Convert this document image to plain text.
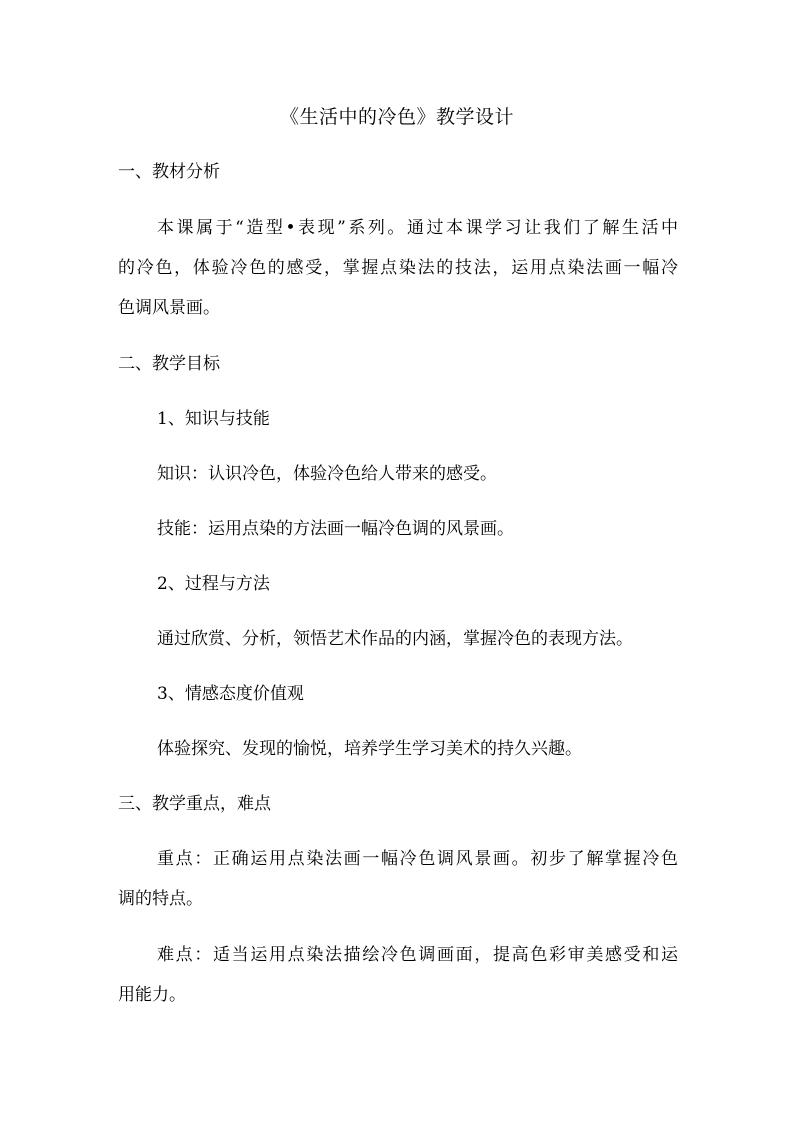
《生活中的冷色》教学设计
一、教材分析
本课属于“造型•表现”系列。通过本课学习让我们了解生活中
的冷色，体验冷色的感受，掌握点染法的技法，运用点染法画一幅冷
色调风景画。
二、教学目标
1、知识与技能
知识：认识冷色，体验冷色给人带来的感受。
技能：运用点染的方法画一幅冷色调的风景画。
2、过程与方法
通过欣赏、分析，领悟艺术作品的内涵，掌握冷色的表现方法。
3、情感态度价值观
体验探究、发现的愉悦，培养学生学习美术的持久兴趣。
三、教学重点，难点
重点：正确运用点染法画一幅冷色调风景画。初步了解掌握冷色
调的特点。
难点：适当运用点染法描绘冷色调画面，提高色彩审美感受和运
用能力。
